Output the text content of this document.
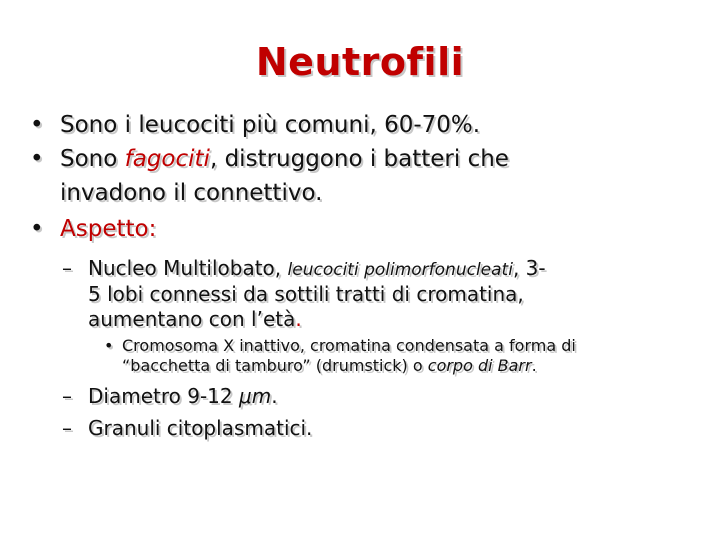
Neutrofili
• Sono i leucociti più comuni, 60-70%.
• Sono fagociti, distruggono i batteri che
invadono il connettivo.
• Aspetto:
– Nucleo Multilobato, leucociti polimorfonucleati, 3-
5 lobi connessi da sottili tratti di cromatina,
aumentano con l’età.
• Cromosoma X inattivo, cromatina condensata a forma di
“bacchetta di tamburo” (drumstick) o corpo di Barr.
– Diametro 9-12 μm.
– Granuli citoplasmatici.
